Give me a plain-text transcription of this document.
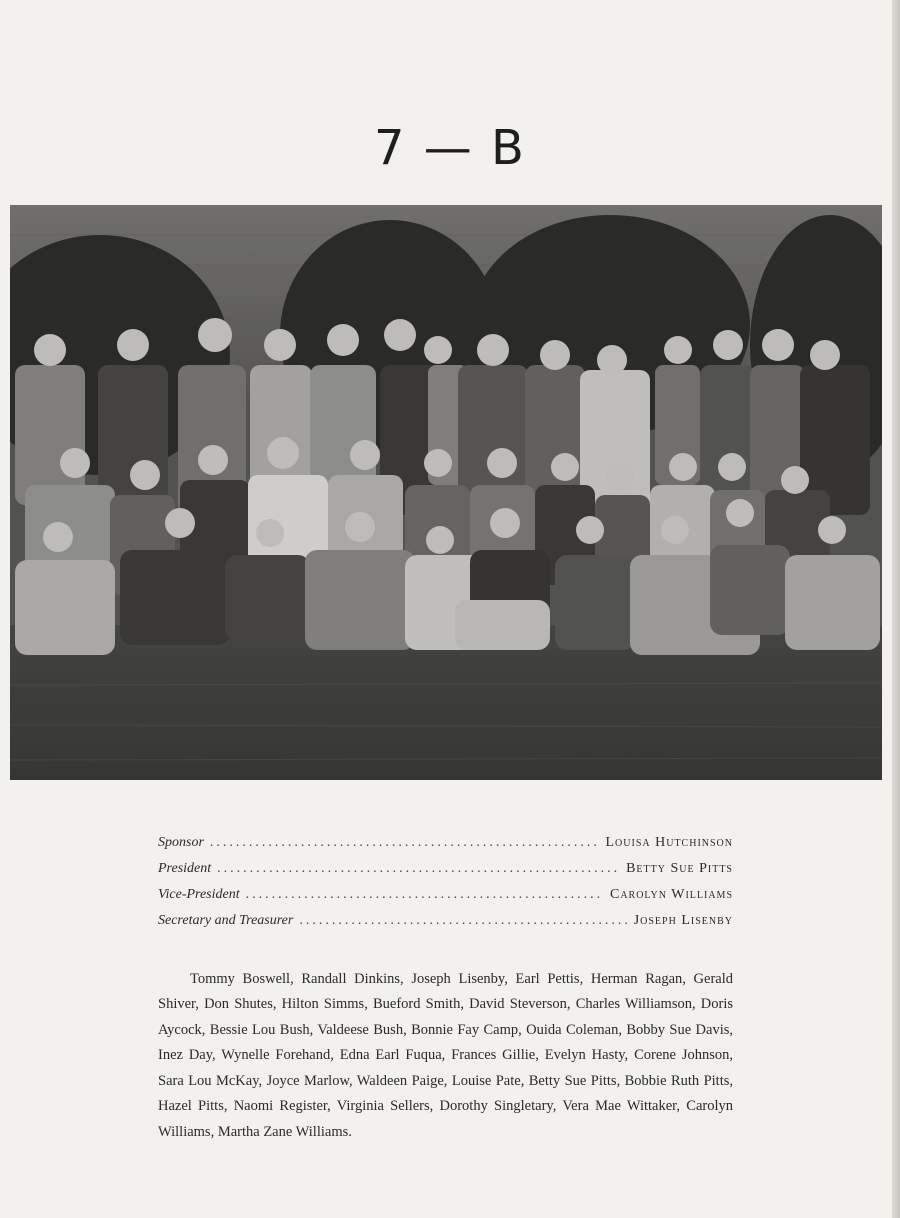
7 — B
Sponsor .....	Louisa Hutchinson
President .....	Betty Sue Pitts
Vice-President .....	Carolyn Williams
Secretary and Treasurer .....	Joseph Lisenby

Tommy Boswell, Randall Dinkins, Joseph Lisenby, Earl Pettis, Herman Ragan, Gerald Shiver, Don Shutes, Hilton Simms, Bueford Smith, David Steverson, Charles Williamson, Doris Aycock, Bessie Lou Bush, Valdeese Bush, Bonnie Fay Camp, Ouida Coleman, Bobby Sue Davis, Inez Day, Wynelle Forehand, Edna Earl Fuqua, Frances Gillie, Evelyn Hasty, Corene Johnson, Sara Lou McKay, Joyce Marlow, Waldeen Paige, Louise Pate, Betty Sue Pitts, Bobbie Ruth Pitts, Hazel Pitts, Naomi Register, Virginia Sellers, Dorothy Singletary, Vera Mae Wittaker, Carolyn Williams, Martha Zane Williams.
